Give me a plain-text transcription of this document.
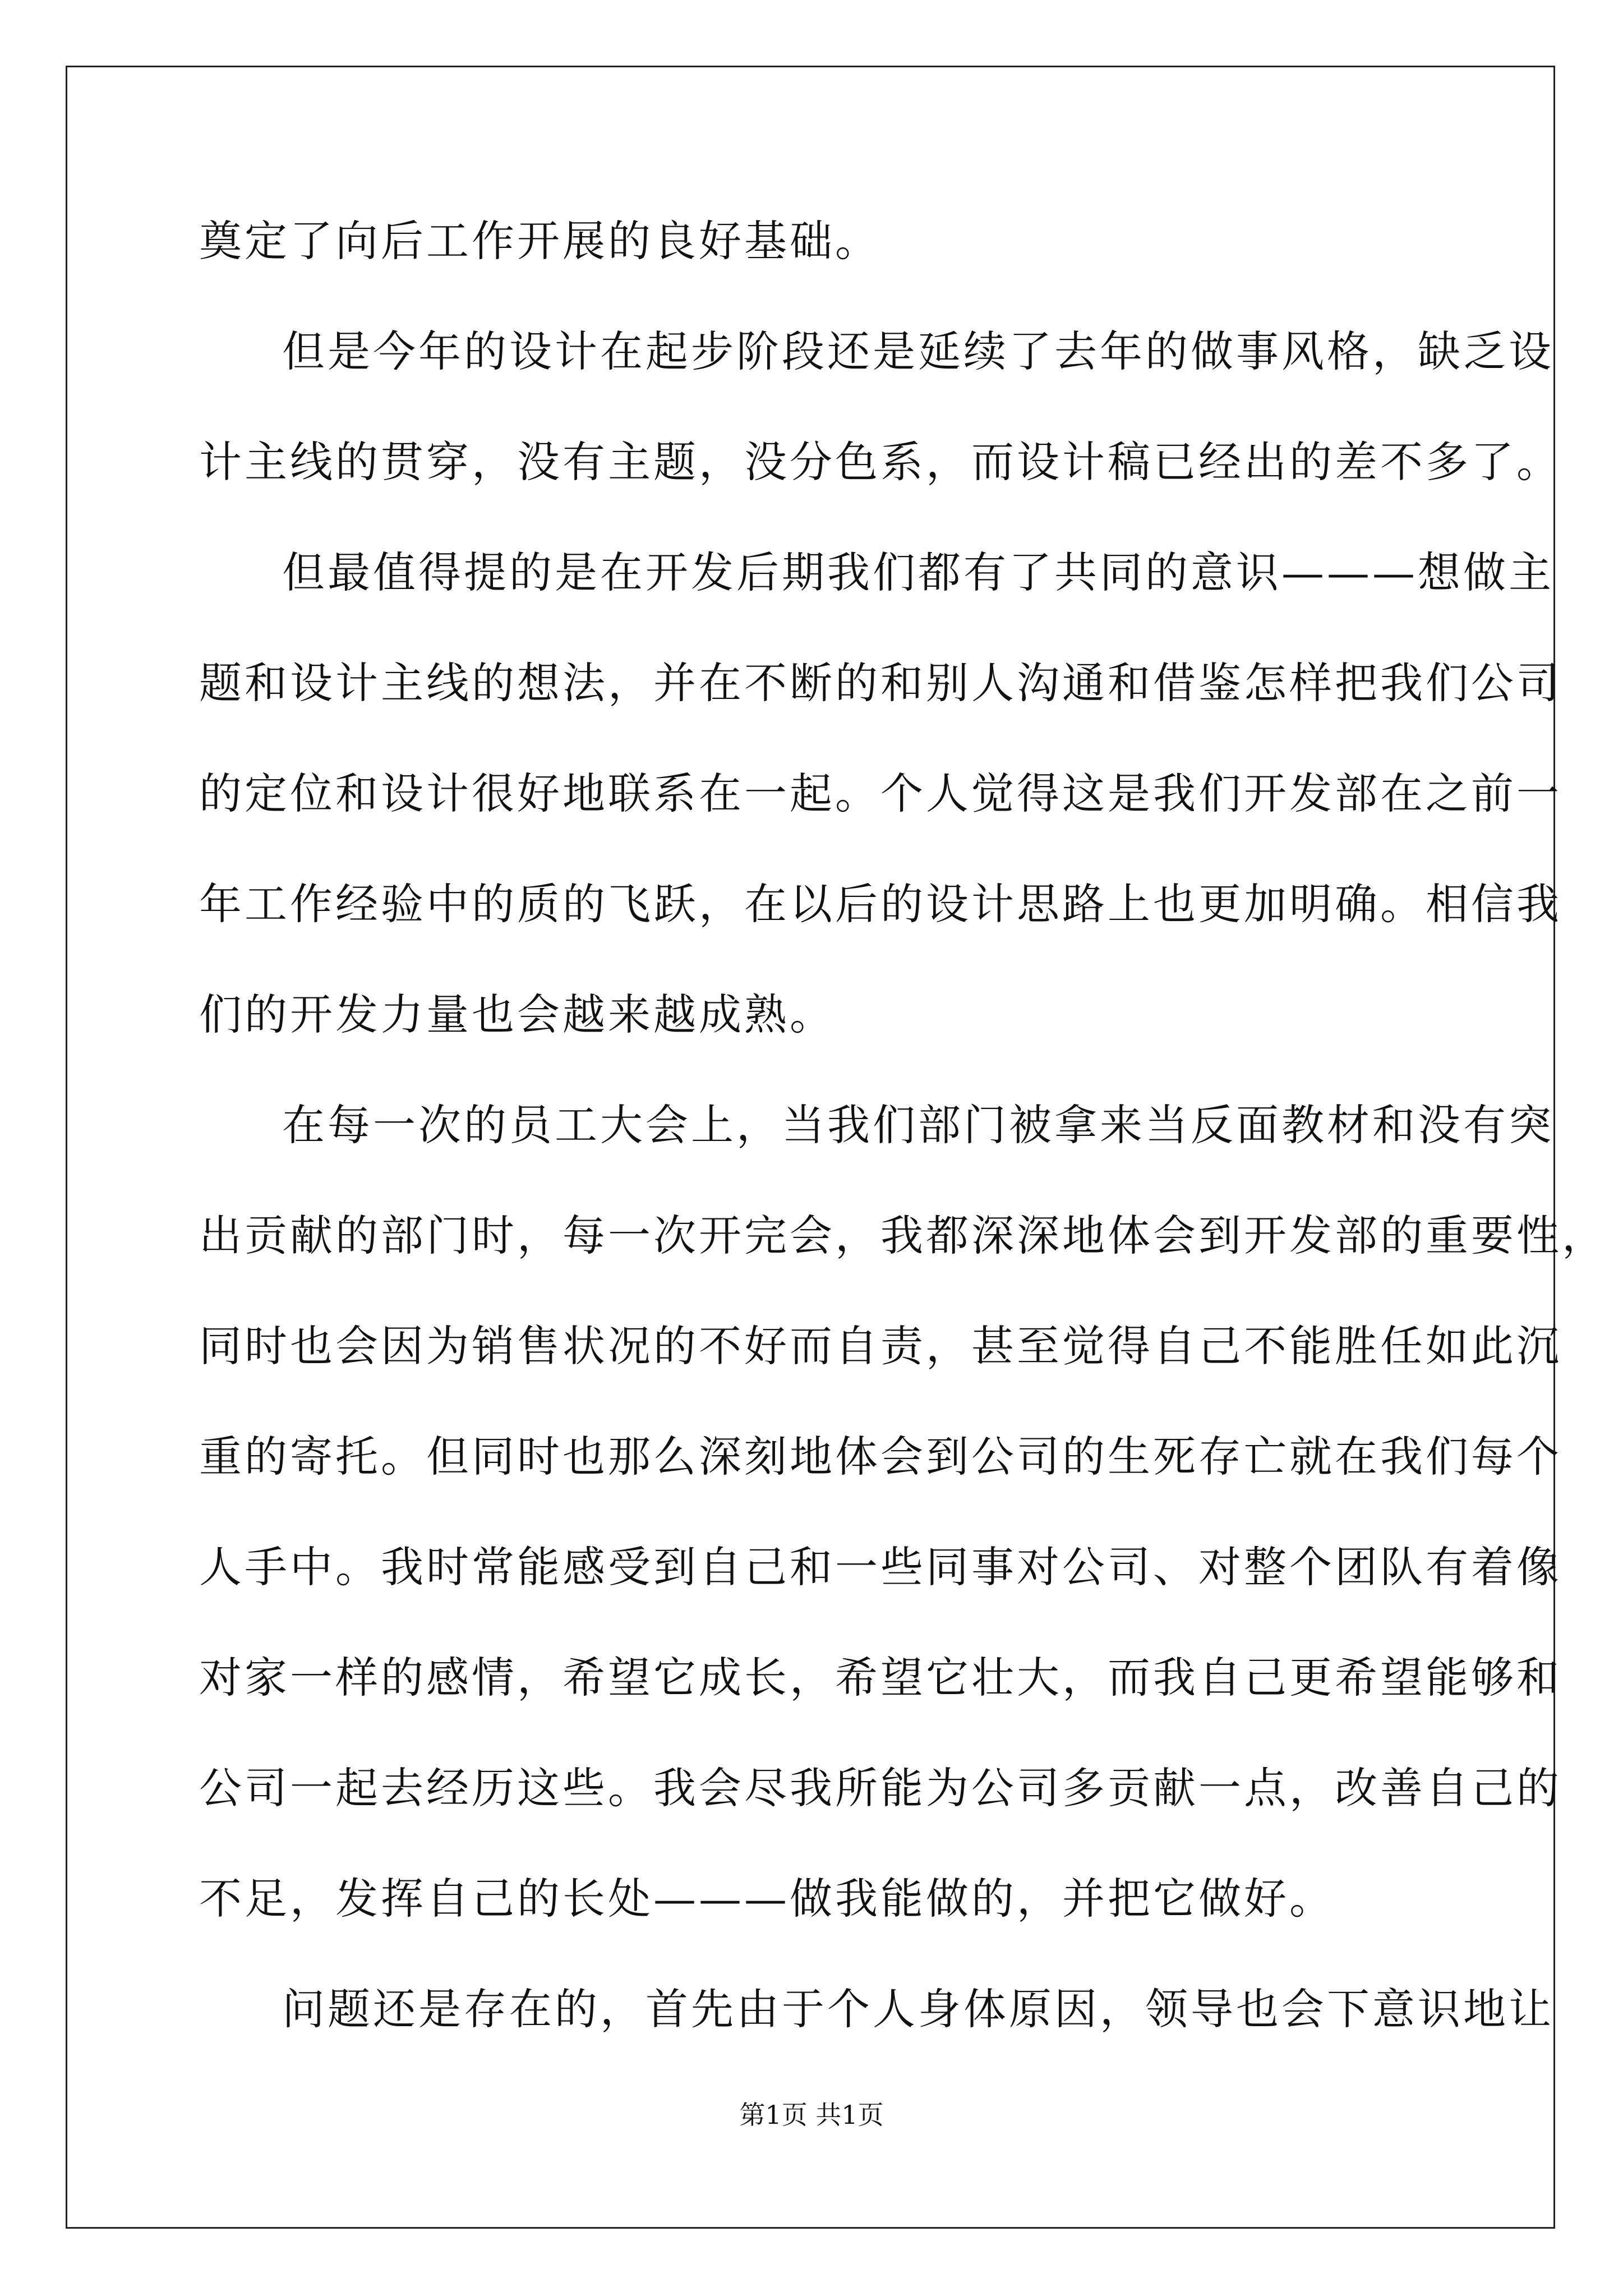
奠定了向后工作开展的良好基础。
但是今年的设计在起步阶段还是延续了去年的做事风格，缺乏设
计主线的贯穿，没有主题，没分色系，而设计稿已经出的差不多了。
但最值得提的是在开发后期我们都有了共同的意识———想做主
题和设计主线的想法，并在不断的和别人沟通和借鉴怎样把我们公司
的定位和设计很好地联系在一起。个人觉得这是我们开发部在之前一
年工作经验中的质的飞跃，在以后的设计思路上也更加明确。相信我
们的开发力量也会越来越成熟。
在每一次的员工大会上，当我们部门被拿来当反面教材和没有突
出贡献的部门时，每一次开完会，我都深深地体会到开发部的重要性，
同时也会因为销售状况的不好而自责，甚至觉得自己不能胜任如此沉
重的寄托。但同时也那么深刻地体会到公司的生死存亡就在我们每个
人手中。我时常能感受到自己和一些同事对公司、对整个团队有着像
对家一样的感情，希望它成长，希望它壮大，而我自己更希望能够和
公司一起去经历这些。我会尽我所能为公司多贡献一点，改善自己的
不足，发挥自己的长处———做我能做的，并把它做好。
问题还是存在的，首先由于个人身体原因，领导也会下意识地让
第1页 共1页
